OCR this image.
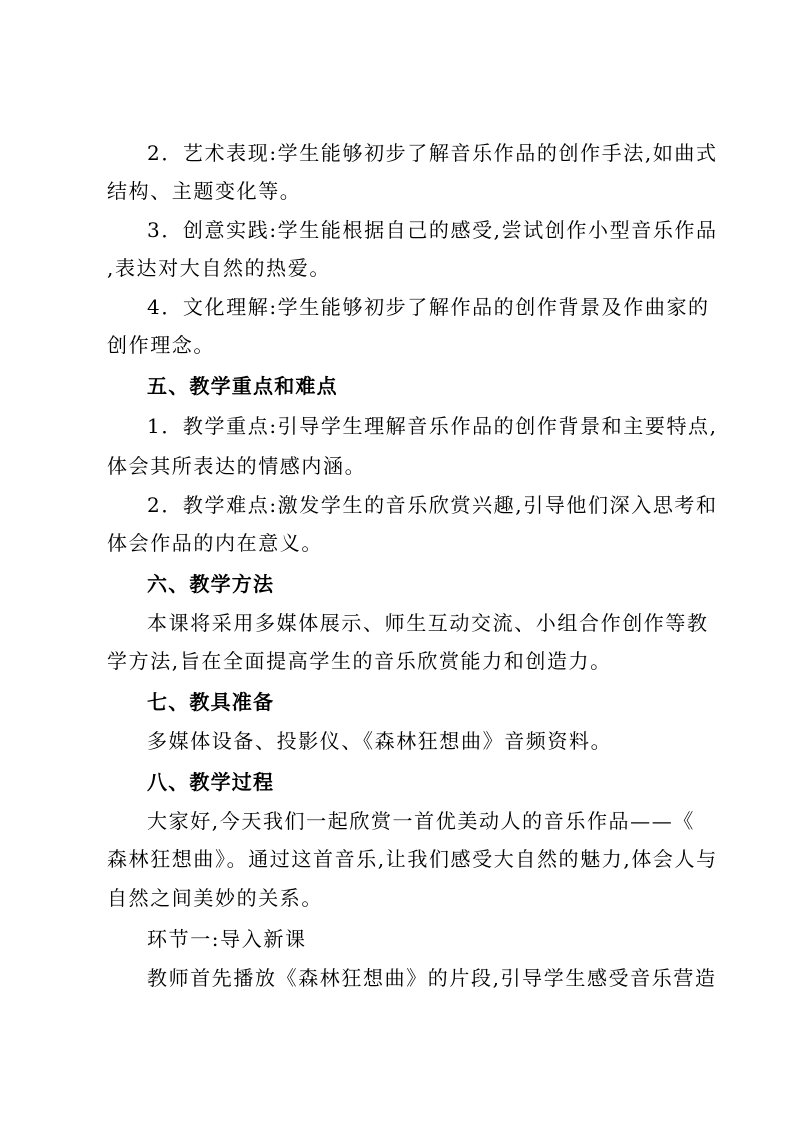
2．艺术表现:学生能够初步了解音乐作品的创作手法,如曲式
结构、主题变化等。
3．创意实践:学生能根据自己的感受,尝试创作小型音乐作品
,表达对大自然的热爱。
4．文化理解:学生能够初步了解作品的创作背景及作曲家的
创作理念。
五、教学重点和难点
1．教学重点:引导学生理解音乐作品的创作背景和主要特点,
体会其所表达的情感内涵。
2．教学难点:激发学生的音乐欣赏兴趣,引导他们深入思考和
体会作品的内在意义。
六、教学方法
本课将采用多媒体展示、师生互动交流、小组合作创作等教
学方法,旨在全面提高学生的音乐欣赏能力和创造力。
七、教具准备
多媒体设备、投影仪、《森林狂想曲》音频资料。
八、教学过程
大家好,今天我们一起欣赏一首优美动人的音乐作品——《
森林狂想曲》。通过这首音乐,让我们感受大自然的魅力,体会人与
自然之间美妙的关系。
环节一:导入新课
教师首先播放《森林狂想曲》的片段,引导学生感受音乐营造
